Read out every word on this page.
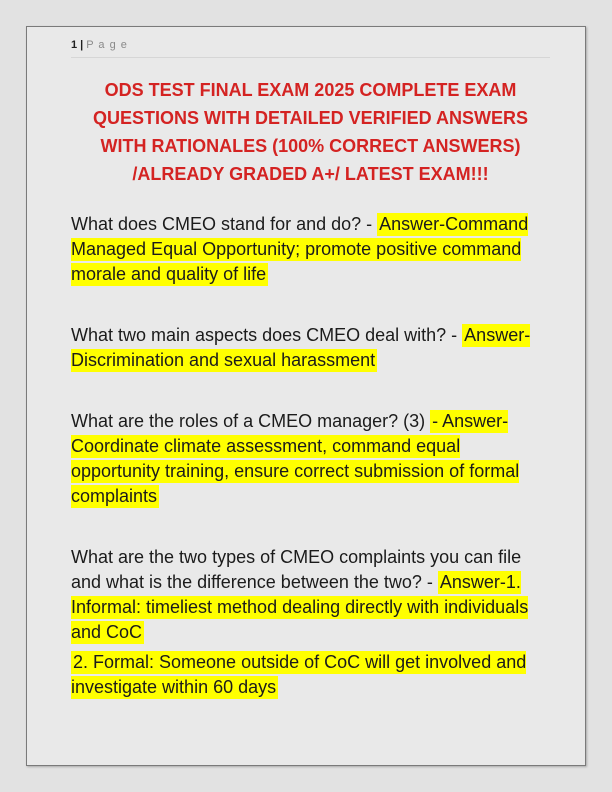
1 | P a g e
ODS TEST FINAL EXAM 2025 COMPLETE EXAM
QUESTIONS WITH DETAILED VERIFIED ANSWERS
WITH RATIONALES (100% CORRECT ANSWERS)
/ALREADY GRADED A+/ LATEST EXAM!!!

What does CMEO stand for and do? - Answer-Command Managed Equal Opportunity; promote positive command morale and quality of life

What two main aspects does CMEO deal with? - Answer-Discrimination and sexual harassment

What are the roles of a CMEO manager? (3) - Answer-Coordinate climate assessment, command equal opportunity training, ensure correct submission of formal complaints

What are the two types of CMEO complaints you can file and what is the difference between the two? - Answer-1. Informal: timeliest method dealing directly with individuals and CoC

2. Formal: Someone outside of CoC will get involved and investigate within 60 days
